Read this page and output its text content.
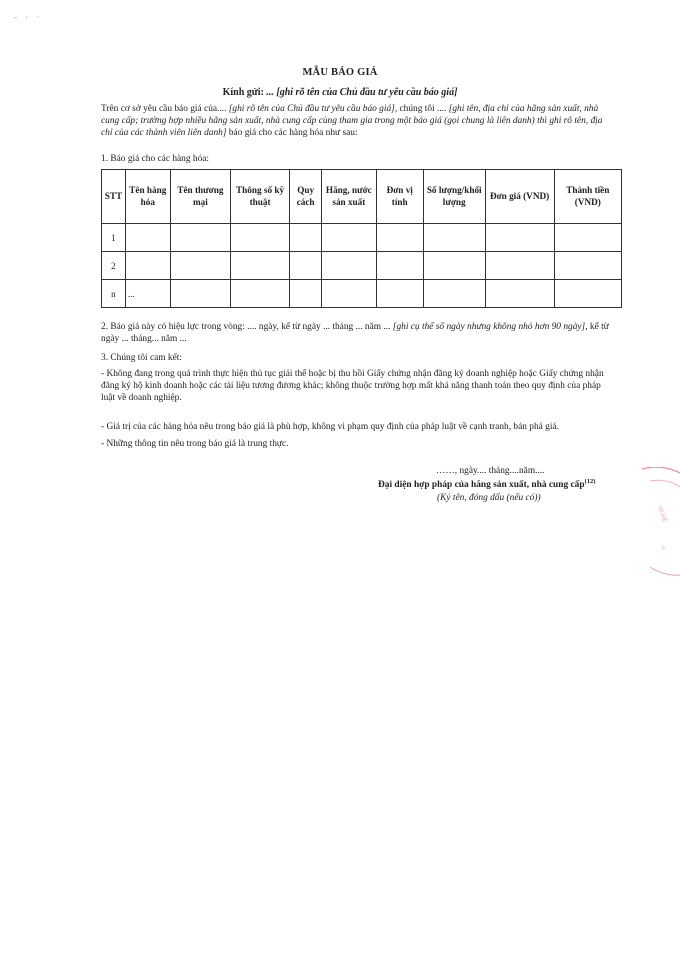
- · ·
MẪU BÁO GIÁ
Kính gửi: ... [ghi rõ tên của Chủ đầu tư yêu cầu báo giá]
Trên cơ sở yêu cầu báo giá của.... [ghi rõ tên của Chủ đầu tư yêu cầu báo giá], chúng tôi .... [ghi tên, địa chỉ của hãng sản xuất, nhà cung cấp; trường hợp nhiều hãng sản xuất, nhà cung cấp cùng tham gia trong một báo giá (gọi chung là liên danh) thì ghi rõ tên, địa chỉ của các thành viên liên danh] báo giá cho các hàng hóa như sau:
1. Báo giá cho các hàng hóa:
STT	Tên hàng hóa	Tên thương mại	Thông số kỹ thuật	Quy cách	Hãng, nước sản xuất	Đơn vị tính	Số lượng/khối lượng	Đơn giá (VND)	Thành tiền (VND)
1									
2									
n	...								
2. Báo giá này có hiệu lực trong vòng: .... ngày, kể từ ngày ... tháng ... năm ... [ghi cụ thể số ngày nhưng không nhỏ hơn 90 ngày], kể từ ngày ... tháng... năm ...
3. Chúng tôi cam kết:
- Không đang trong quá trình thực hiện thủ tục giải thể hoặc bị thu hồi Giấy chứng nhận đăng ký doanh nghiệp hoặc Giấy chứng nhận đăng ký hộ kinh doanh hoặc các tài liệu tương đương khác; không thuộc trường hợp mất khả năng thanh toán theo quy định của pháp luật về doanh nghiệp.
- Giá trị của các hàng hóa nêu trong báo giá là phù hợp, không vi phạm quy định của pháp luật về cạnh tranh, bán phá giá.
- Những thông tin nêu trong báo giá là trung thực.
……, ngày.... tháng....năm....
Đại diện hợp pháp của hãng sản xuất, nhà cung cấp$^{(12)}$
(Ký tên, đóng dấu (nếu có))
NGHỆ
A
